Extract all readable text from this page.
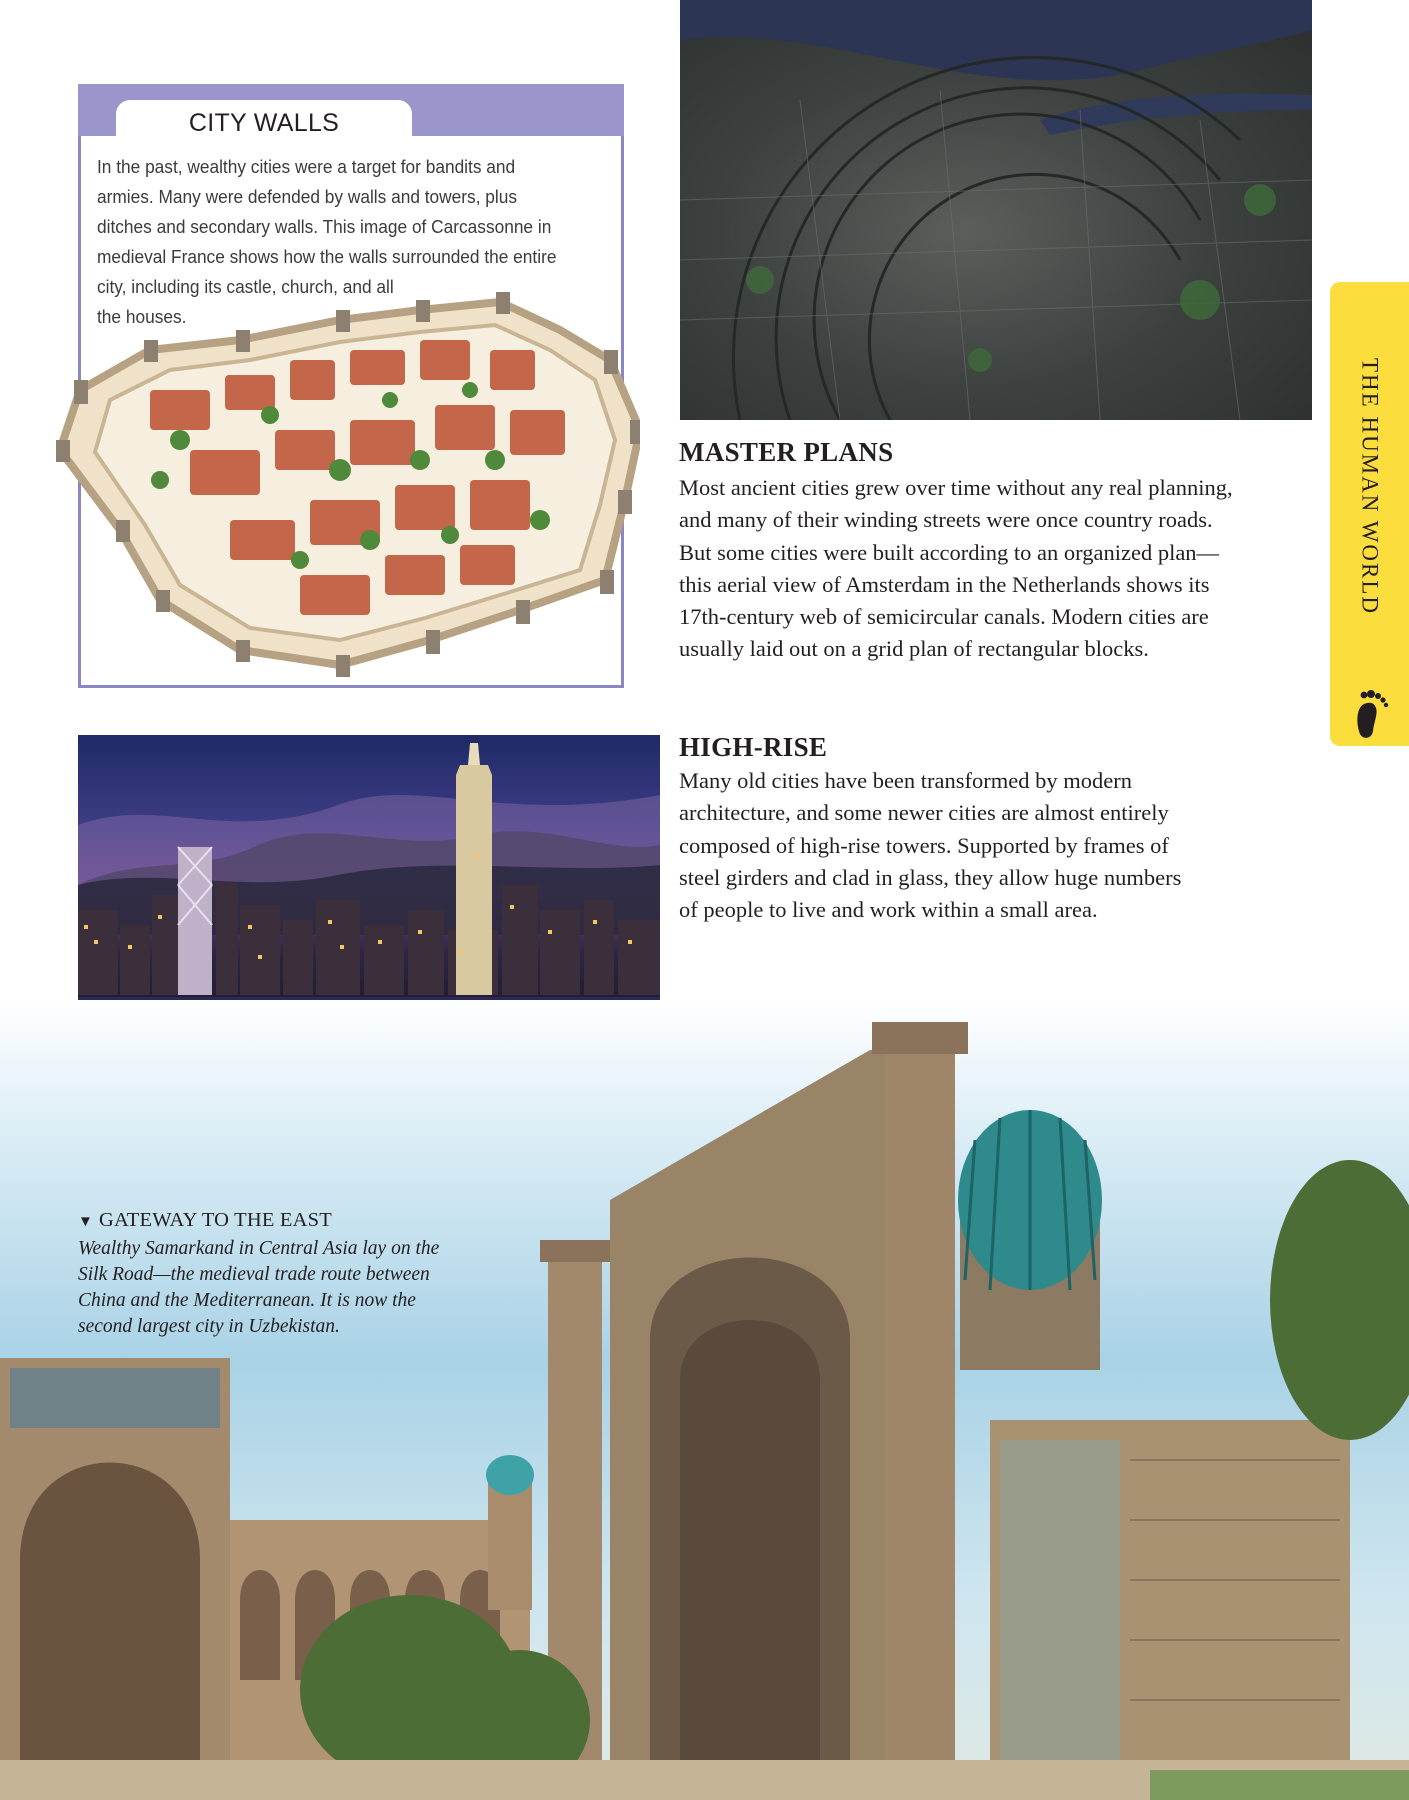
CITY WALLS
In the past, wealthy cities were a target for bandits and
armies. Many were defended by walls and towers, plus
ditches and secondary walls. This image of Carcassonne in
medieval France shows how the walls surrounded the entire
city, including its castle, church, and all
the houses.
MASTER PLANS
Most ancient cities grew over time without any real planning,
and many of their winding streets were once country roads.
But some cities were built according to an organized plan—
this aerial view of Amsterdam in the Netherlands shows its
17th-century web of semicircular canals. Modern cities are
usually laid out on a grid plan of rectangular blocks.
THE HUMAN WORLD
HIGH-RISE
Many old cities have been transformed by modern
architecture, and some newer cities are almost entirely
composed of high-rise towers. Supported by frames of
steel girders and clad in glass, they allow huge numbers
of people to live and work within a small area.
▼ GATEWAY TO THE EAST
Wealthy Samarkand in Central Asia lay on the
Silk Road—the medieval trade route between
China and the Mediterranean. It is now the
second largest city in Uzbekistan.
